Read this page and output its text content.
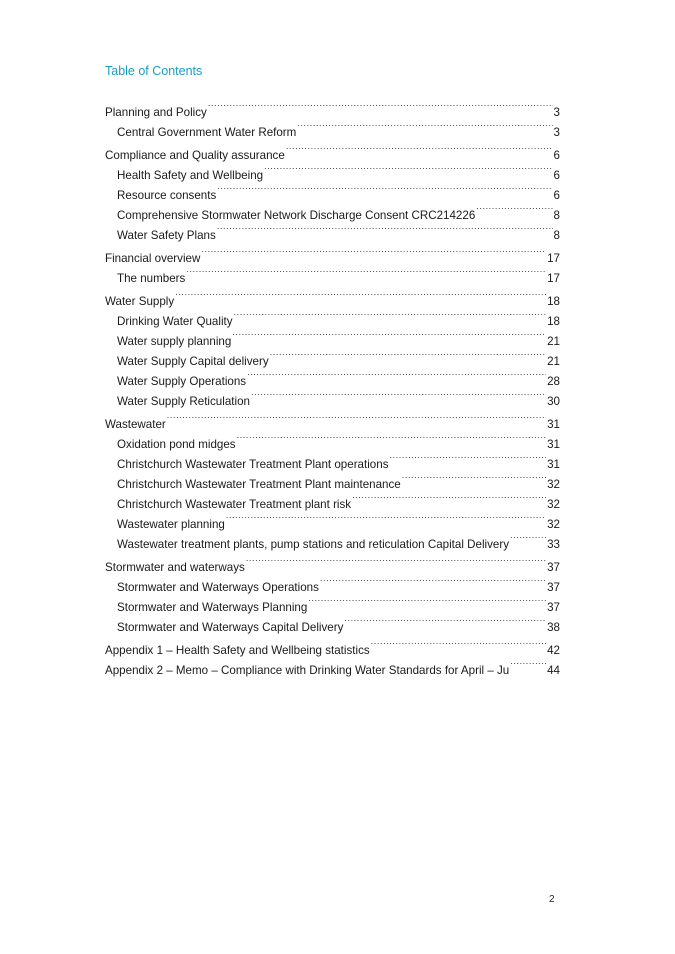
Table of Contents
Planning and Policy .....	3
Central Government Water Reform .....	3
Compliance and Quality assurance .....	6
Health Safety and Wellbeing .....	6
Resource consents .....	6
Comprehensive Stormwater Network Discharge Consent CRC214226 .....	8
Water Safety Plans .....	8
Financial overview .....	17
The numbers .....	17
Water Supply .....	18
Drinking Water Quality .....	18
Water supply planning .....	21
Water Supply Capital delivery .....	21
Water Supply Operations .....	28
Water Supply Reticulation .....	30
Wastewater .....	31
Oxidation pond midges .....	31
Christchurch Wastewater Treatment Plant operations .....	31
Christchurch Wastewater Treatment Plant maintenance .....	32
Christchurch Wastewater Treatment plant risk .....	32
Wastewater planning .....	32
Wastewater treatment plants, pump stations and reticulation Capital Delivery .....	33
Stormwater and waterways .....	37
Stormwater and Waterways Operations .....	37
Stormwater and Waterways Planning .....	37
Stormwater and Waterways Capital Delivery .....	38
Appendix 1 – Health Safety and Wellbeing statistics .....	42
Appendix 2 – Memo – Compliance with Drinking Water Standards for April – Ju .....	44
2
